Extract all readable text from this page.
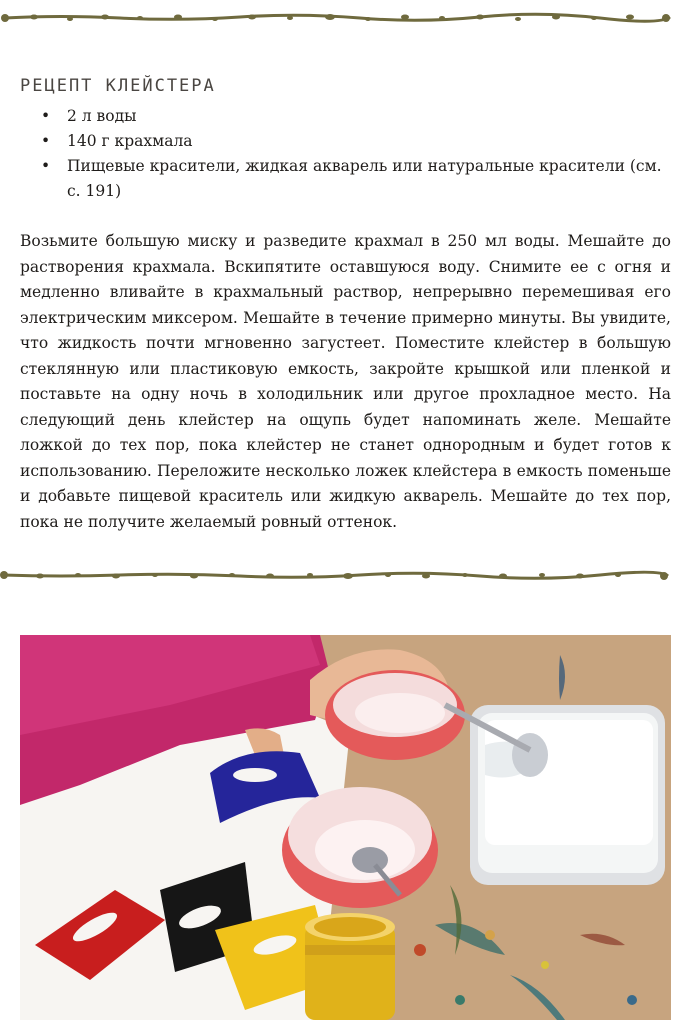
РЕЦЕПТ КЛЕЙСТЕРА
• 2 л воды
• 140 г крахмала
• Пищевые красители, жидкая акварель или натуральные красители (см. с. 191)

Возьмите большую миску и разведите крахмал в 250 мл воды. Мешайте до растворения крахмала. Вскипятите оставшуюся воду. Снимите ее с огня и медленно вливайте в крахмальный раствор, непрерывно перемешивая его электрическим миксером. Мешайте в течение примерно минуты. Вы увидите, что жидкость почти мгновенно загустеет. Поместите клейстер в большую стеклянную или пластиковую емкость, закройте крышкой или пленкой и поставьте на одну ночь в холодильник или другое прохладное место. На следующий день клейстер на ощупь будет напоминать желе. Мешайте ложкой до тех пор, пока клейстер не станет однородным и будет готов к использованию. Переложите несколько ложек клейстера в емкость поменьше и добавьте пищевой краситель или жидкую акварель. Мешайте до тех пор, пока не получите желаемый ровный оттенок.
